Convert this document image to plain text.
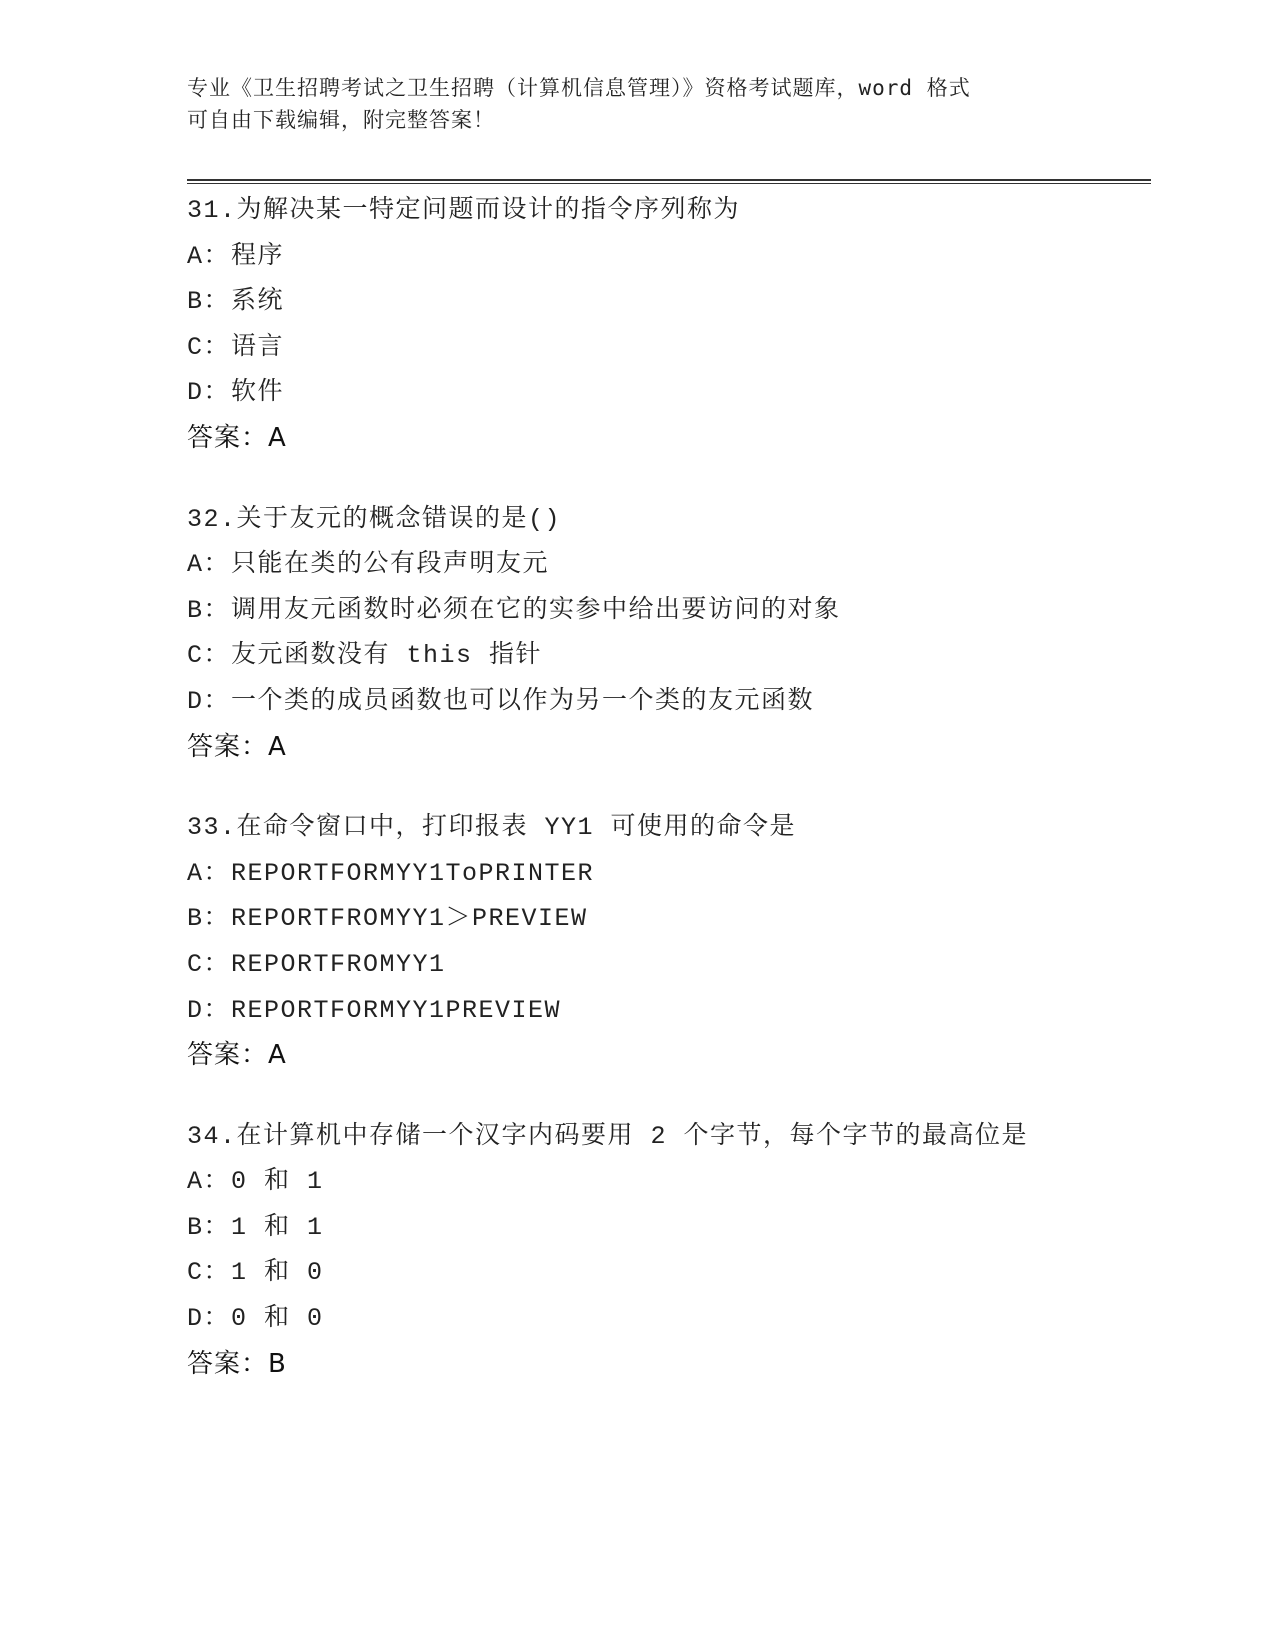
专业《卫生招聘考试之卫生招聘（计算机信息管理）》资格考试题库，word 格式
可自由下载编辑，附完整答案！
31.为解决某一特定问题而设计的指令序列称为
A：程序
B：系统
C：语言
D：软件
答案：A
32.关于友元的概念错误的是()
A：只能在类的公有段声明友元
B：调用友元函数时必须在它的实参中给出要访问的对象
C：友元函数没有 this 指针
D：一个类的成员函数也可以作为另一个类的友元函数
答案：A
33.在命令窗口中，打印报表 YY1 可使用的命令是
A：REPORTFORMYY1ToPRINTER
B：REPORTFROMYY1＞PREVIEW
C：REPORTFROMYY1
D：REPORTFORMYY1PREVIEW
答案：A
34.在计算机中存储一个汉字内码要用 2 个字节，每个字节的最高位是
A：0 和 1
B：1 和 1
C：1 和 0
D：0 和 0
答案：B
